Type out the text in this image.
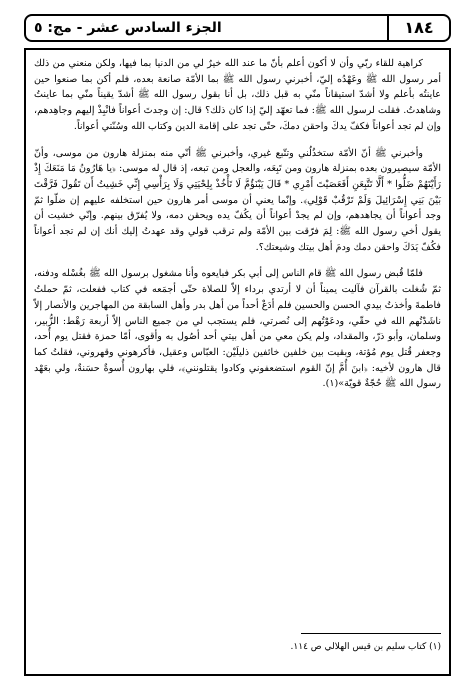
١٨٤
الجزء السادس عشر - مج: ٥

كراهية للقاء ربّي وأن لا أكون أعلم بأنّ ما عند الله خيرٌ لي من الدنيا بما فيها، ولكن منعني من ذلك أمر رسول الله ﷺ وعَهْدُه إليّ، أخبرني رسول الله ﷺ بما الأمّة صانعة بعده، فلم أكن بما صنعوا حين عاينتُه بأعلم ولا أشدّ استيقاناً منّي به قبل ذلك، بل أنا بقول رسول الله ﷺ أشدّ يقيناً منّي بما عاينتُ وشاهدتُ. فقلت لرسول الله ﷺ: فما تعهّد إليّ إذا كان ذلك؟ قال: إن وجدتَ أعواناً فانْبِذْ إليهم وجاهِدهم، وإن لم تجد أعواناً فكفّ يدكَ واحقن دمكَ، حتّى تجد على إقامة الدين وكتاب الله وسُنّتي أعواناً.

وأخبرني ﷺ أنّ الأمّة ستخذُلُني وتتّبع غيري، وأخبرني ﷺ أنّي منه بمنزلة هارون من موسى، وأنّ الأمّة سيصيرون بعده بمنزلة هارون ومن تَبِعَه، والعجل ومن تبعه، إذ قال له موسى: ﴿يا هَارُونُ مَا مَنَعَكَ إِذْ رَأَيْتَهُمْ ضَلُّوا * أَلَّا تَتَّبِعَنِ أَفَعَصَيْتَ أَمْرِي * قَالَ يَبْنَؤُمَّ لَا تَأْخُذْ بِلِحْيَتِي وَلَا بِرَأْسِي إِنِّي خَشِيتُ أَن تَقُولَ فَرَّقْتَ بَيْنَ بَنِي إِسْرَائِيلَ وَلَمْ تَرْقُبْ قَوْلِي﴾. وإنّما يعني أن موسى أمر هارون حين استخلفه عليهم إن ضلّوا ثمّ وجد أعواناً أن يجاهدهم، وإن لم يجدْ أعواناً أن يكُفّ يده ويحقن دمه، ولا يُفرّق بينهم. وإنّي خشيت أن يقول أخي رسول الله ﷺ: لِمَ فرّقت بين الأمّة ولم ترقب قولي وقد عهدتُ إليك أنك إن لم تجد أعواناً فكُفّ يَدَكَ واحقن دمك ودمَ أهل بيتك وشيعتك؟.

فلمّا قُبض رسول الله ﷺ قام الناس إلى أبي بكر فبايعوه وأنا مشغول برسول الله ﷺ بغُسْله ودفنه، ثمّ شُغلت بالقرآن فآليت يميناً أن لا أرتدي برداء إلاّ للصلاة حتّى أجمَعه في كتاب ففعلت، ثمّ حملتُ فاطمةَ وأخذتُ بيدي الحسن والحسين فلم أدَعْ أحداً من أهل بدر وأهل السابقة من المهاجرين والأنصار إلاّ ناشَدْتُهم الله في حقّي، ودعَوْتُهم إلى نُصرتي، فلم يستجب لي من جميع الناس إلاّ أربعة رَهْط: الزُّبير، وسلمان، وأبو ذرّ، والمقداد، ولم يكن معي من أهل بيتي أحد أصُول به وأقوى، أمّا حمزة فقتل يوم أُحد، وجعفر قُتل يوم مُؤتة، وبقيت بين خلفين خائفين ذليلَيْن: العبّاس وعقيل، فأكرهوني وقهروني، فقلتُ كما قال هارون لأخيه: ﴿ابنَ أُمَّ إنّ القوم استضعفوني وكادوا يقتلونني﴾، فلي بهارون أُسوةٌ حسَنةٌ، ولي بعَهْد رسول الله ﷺ حُجّةٌ قويّة»(١).

(١) كتاب سليم بن قيس الهلالي ص ١١٤.
